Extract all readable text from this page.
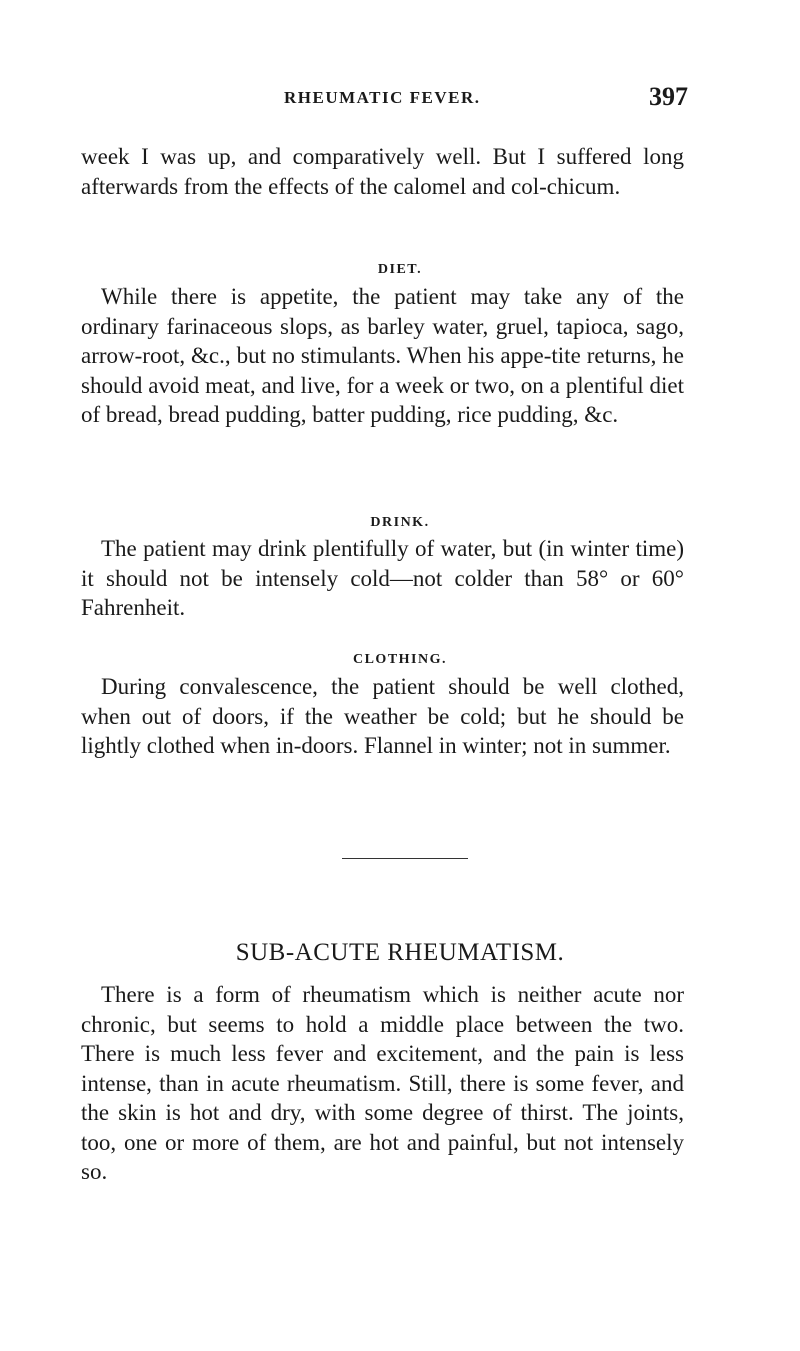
RHEUMATIC FEVER.	397

week I was up, and comparatively well. But I suffered long afterwards from the effects of the calomel and col-chicum.

DIET.

While there is appetite, the patient may take any of the ordinary farinaceous slops, as barley water, gruel, tapioca, sago, arrow-root, &c., but no stimulants. When his appe-tite returns, he should avoid meat, and live, for a week or two, on a plentiful diet of bread, bread pudding, batter pudding, rice pudding, &c.

DRINK.

The patient may drink plentifully of water, but (in winter time) it should not be intensely cold—not colder than 58° or 60° Fahrenheit.

CLOTHING.

During convalescence, the patient should be well clothed, when out of doors, if the weather be cold; but he should be lightly clothed when in-doors. Flannel in winter; not in summer.

SUB-ACUTE RHEUMATISM.

There is a form of rheumatism which is neither acute nor chronic, but seems to hold a middle place between the two. There is much less fever and excitement, and the pain is less intense, than in acute rheumatism. Still, there is some fever, and the skin is hot and dry, with some degree of thirst. The joints, too, one or more of them, are hot and painful, but not intensely so.
